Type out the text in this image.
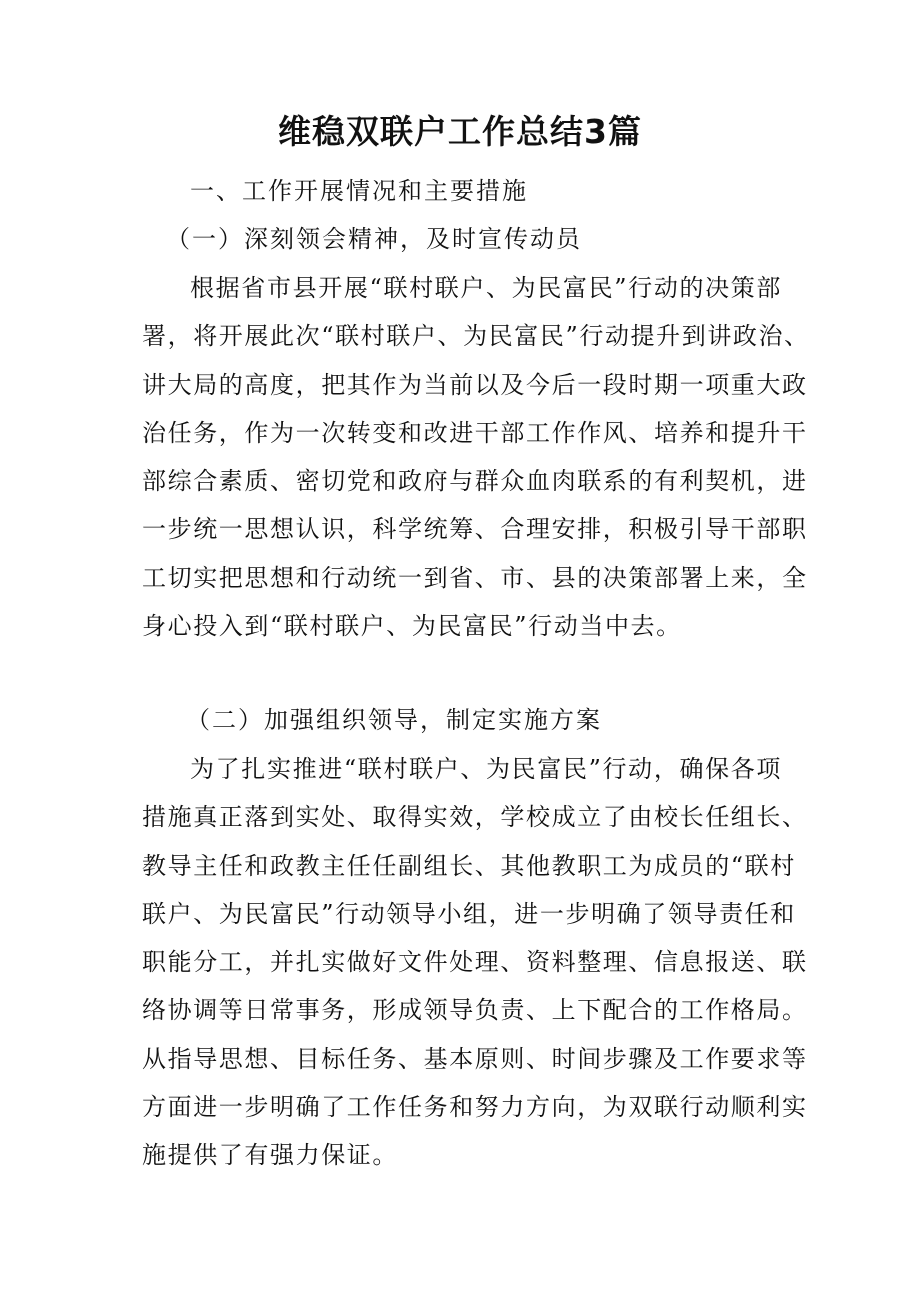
维稳双联户工作总结3篇

一、工作开展情况和主要措施

（一）深刻领会精神，及时宣传动员

根据省市县开展“联村联户、为民富民”行动的决策部
署，将开展此次“联村联户、为民富民”行动提升到讲政治、
讲大局的高度，把其作为当前以及今后一段时期一项重大政
治任务，作为一次转变和改进干部工作作风、培养和提升干
部综合素质、密切党和政府与群众血肉联系的有利契机，进
一步统一思想认识，科学统筹、合理安排，积极引导干部职
工切实把思想和行动统一到省、市、县的决策部署上来，全
身心投入到“联村联户、为民富民”行动当中去。

（二）加强组织领导，制定实施方案

为了扎实推进“联村联户、为民富民”行动，确保各项
措施真正落到实处、取得实效，学校成立了由校长任组长、
教导主任和政教主任任副组长、其他教职工为成员的“联村
联户、为民富民”行动领导小组，进一步明确了领导责任和
职能分工，并扎实做好文件处理、资料整理、信息报送、联
络协调等日常事务，形成领导负责、上下配合的工作格局。
从指导思想、目标任务、基本原则、时间步骤及工作要求等
方面进一步明确了工作任务和努力方向，为双联行动顺利实
施提供了有强力保证。
